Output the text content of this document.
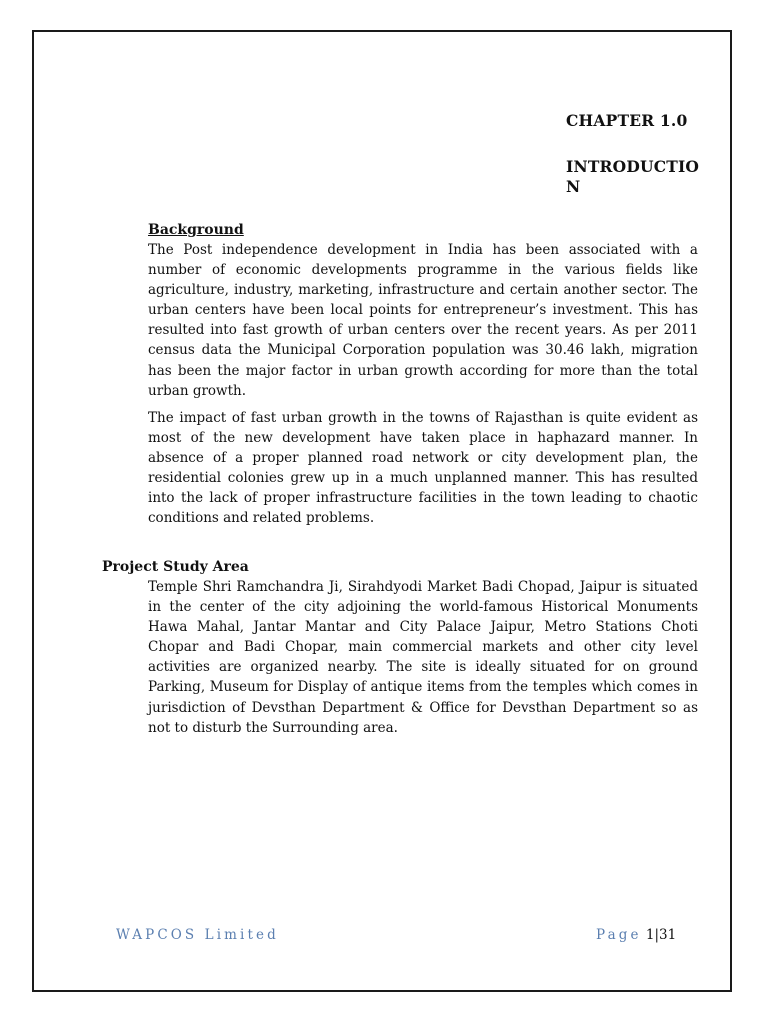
CHAPTER 1.0
INTRODUCTION
Background

The Post independence development in India has been associated with a number of economic developments programme in the various fields like agriculture, industry, marketing, infrastructure and certain another sector. The urban centers have been local points for entrepreneur’s investment. This has resulted into fast growth of urban centers over the recent years. As per 2011 census data the Municipal Corporation population was 30.46 lakh, migration has been the major factor in urban growth according for more than the total urban growth.

The impact of fast urban growth in the towns of Rajasthan is quite evident as most of the new development have taken place in haphazard manner. In absence of a proper planned road network or city development plan, the residential colonies grew up in a much unplanned manner. This has resulted into the lack of proper infrastructure facilities in the town leading to chaotic conditions and related problems.

Project Study Area

Temple Shri Ramchandra Ji, Sirahdyodi Market Badi Chopad, Jaipur is situated in the center of the city adjoining the world-famous Historical Monuments Hawa Mahal, Jantar Mantar and City Palace Jaipur, Metro Stations Choti Chopar and Badi Chopar, main commercial markets and other city level activities are organized nearby. The site is ideally situated for on ground Parking, Museum for Display of antique items from the temples which comes in jurisdiction of Devsthan Department & Office for Devsthan Department so as not to disturb the Surrounding area.

WAPCOS Limited	Page 1|31
